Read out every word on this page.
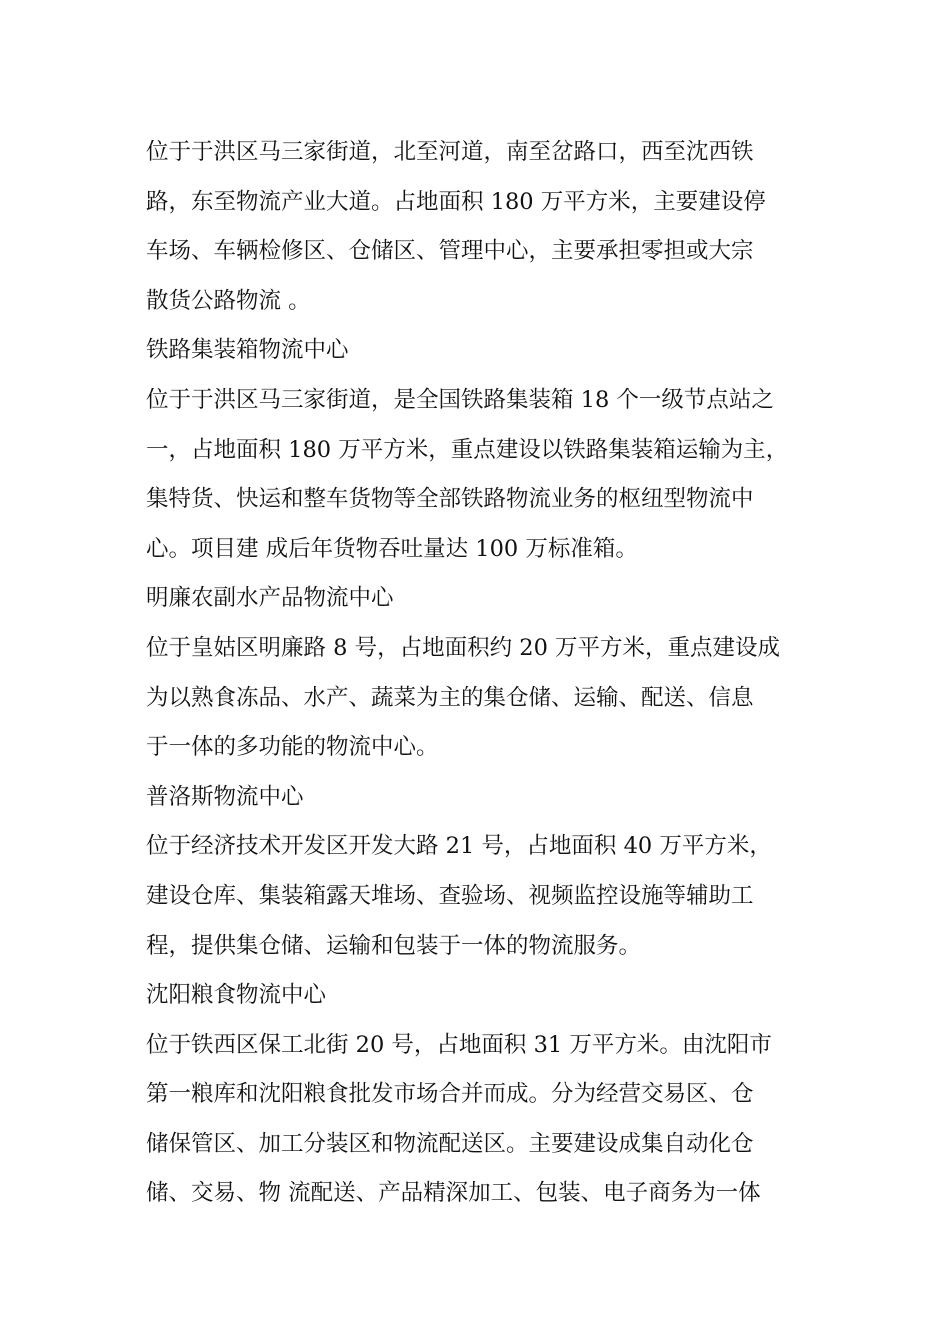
位于于洪区马三家街道，北至河道，南至岔路口，西至沈西铁
路，东至物流产业大道。占地面积 180 万平方米，主要建设停
车场、车辆检修区、仓储区、管理中心，主要承担零担或大宗
散货公路物流 。
铁路集装箱物流中心
位于于洪区马三家街道，是全国铁路集装箱 18 个一级节点站之
一，占地面积 180 万平方米，重点建设以铁路集装箱运输为主，
集特货、快运和整车货物等全部铁路物流业务的枢纽型物流中
心。项目建 成后年货物吞吐量达 100 万标准箱。
明廉农副水产品物流中心
位于皇姑区明廉路 8 号，占地面积约 20 万平方米，重点建设成
为以熟食冻品、水产、蔬菜为主的集仓储、运输、配送、信息
于一体的多功能的物流中心。
普洛斯物流中心
位于经济技术开发区开发大路 21 号，占地面积 40 万平方米，
建设仓库、集装箱露天堆场、查验场、视频监控设施等辅助工
程，提供集仓储、运输和包装于一体的物流服务。
沈阳粮食物流中心
位于铁西区保工北街 20 号，占地面积 31 万平方米。由沈阳市
第一粮库和沈阳粮食批发市场合并而成。分为经营交易区、仓
储保管区、加工分装区和物流配送区。主要建设成集自动化仓
储、交易、物 流配送、产品精深加工、包装、电子商务为一体
